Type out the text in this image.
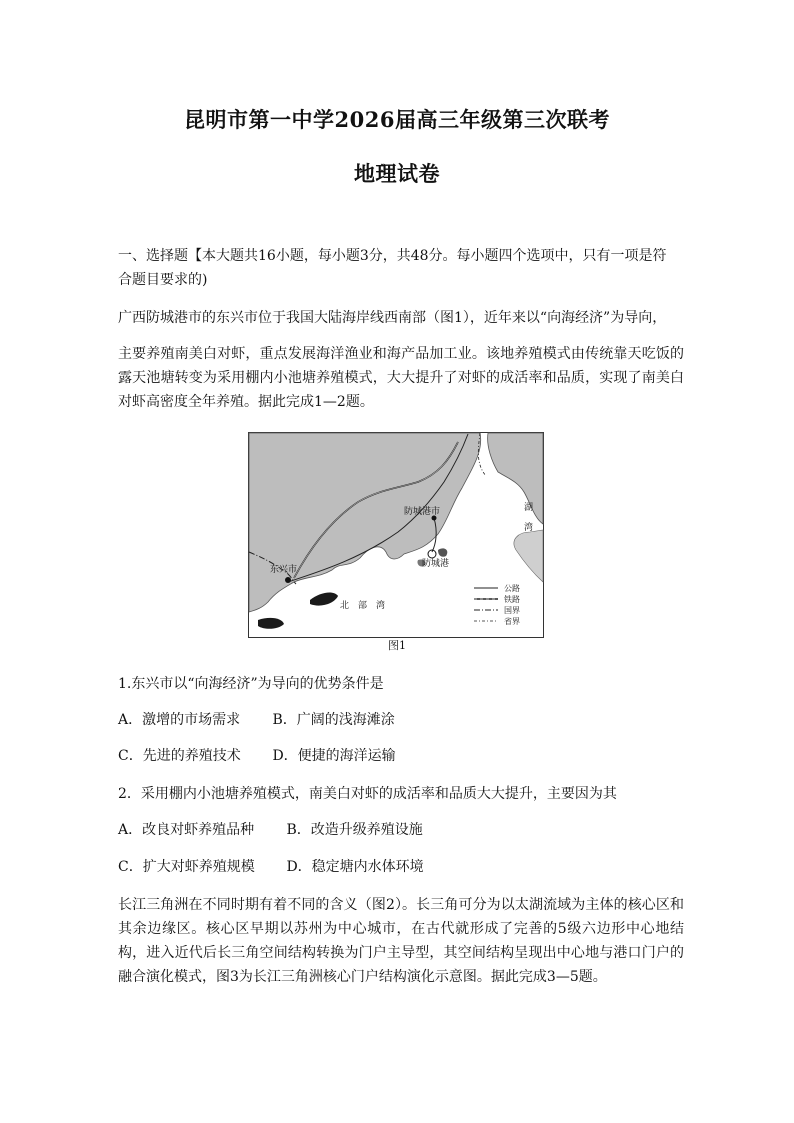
昆明市第一中学2026届高三年级第三次联考
地理试卷
一、选择题【本大题共16小题，每小题3分，共48分。每小题四个选项中，只有一项是符
合题目要求的)
广西防城港市的东兴市位于我国大陆海岸线西南部（图1），近年来以“向海经济”为导向，
主要养殖南美白对虾，重点发展海洋渔业和海产品加工业。该地养殖模式由传统靠天吃饭的露天池塘转变为采用棚内小池塘养殖模式，大大提升了对虾的成活率和品质，实现了南美白对虾高密度全年养殖。据此完成1—2题。
防城港市
防城港
东兴市
北　部　湾
湖
湾
公路
铁路
国界
省界
图1
1.东兴市以“向海经济”为导向的优势条件是
A．激增的市场需求 B．广阔的浅海滩涂
C．先进的养殖技术 D．便捷的海洋运输
2．采用棚内小池塘养殖模式，南美白对虾的成活率和品质大大提升，主要因为其
A．改良对虾养殖品种 B．改造升级养殖设施
C．扩大对虾养殖规模 D．稳定塘内水体环境
长江三角洲在不同时期有着不同的含义（图2）。长三角可分为以太湖流域为主体的核心区和其余边缘区。核心区早期以苏州为中心城市，在古代就形成了完善的5级六边形中心地结构，进入近代后长三角空间结构转换为门户主导型，其空间结构呈现出中心地与港口门户的融合演化模式，图3为长江三角洲核心门户结构演化示意图。据此完成3—5题。
